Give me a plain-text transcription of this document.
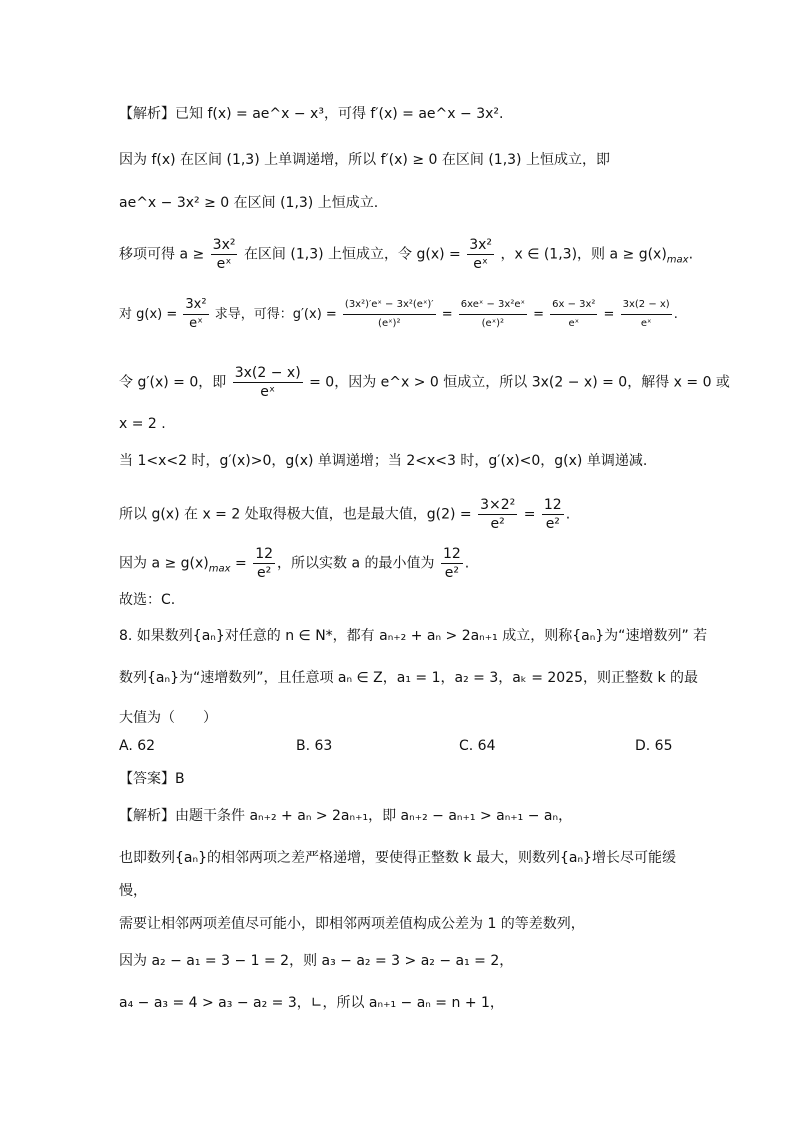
【解析】已知 f(x) = ae^x − x³，可得 f′(x) = ae^x − 3x².
因为 f(x) 在区间 (1,3) 上单调递增，所以 f′(x) ≥ 0 在区间 (1,3) 上恒成立，即
ae^x − 3x² ≥ 0 在区间 (1,3) 上恒成立.
移项可得 $a \ge \frac{\text{3x²}}{\text{eˣ}}$ 在区间 (1,3) 上恒成立，令 $g(x) = \frac{\text{3x²}}{\text{eˣ}}$ ，x ∈ (1,3)，则 $a \ge g(x)_{max}$.
对 $g(x) = \frac{\text{3x²}}{\text{eˣ}}$ 求导，可得：$g'(x) = \frac{\text{(3x²)′eˣ − 3x²(eˣ)′}}{\text{(eˣ)²}} = \frac{\text{6xeˣ − 3x²eˣ}}{\text{(eˣ)²}} = \frac{\text{6x − 3x²}}{\text{eˣ}} = \frac{3x(2 - x)}{\text{eˣ}}$ .
令 g′(x) = 0，即 $\frac{3x(2 - x)}{\text{eˣ}} = 0$，因为 e^x > 0 恒成立，所以 3x(2 − x) = 0，解得 x = 0 或
x = 2 .
当 1<x<2 时，g′(x)>0，g(x) 单调递增；当 2<x<3 时，g′(x)<0，g(x) 单调递减.
所以 g(x) 在 x = 2 处取得极大值，也是最大值，$g(2) = \frac{\text{3×2²}}{\text{e²}} = \frac{12}{\text{e²}}$ .
因为 $a \ge g(x)_{max} = \frac{12}{\text{e²}}$ ，所以实数 a 的最小值为 $\frac{12}{\text{e²}}$ .
故选：C.
8. 如果数列{aₙ}对任意的 n ∈ N*，都有 aₙ₊₂ + aₙ > 2aₙ₊₁ 成立，则称{aₙ}为“速增数列” 若
数列{aₙ}为“速增数列”，且任意项 aₙ ∈ Z，a₁ = 1，a₂ = 3，aₖ = 2025，则正整数 k 的最
大值为（　　）
A. 62	B. 63	C. 64	D. 65
【答案】B
【解析】由题干条件 aₙ₊₂ + aₙ > 2aₙ₊₁，即 aₙ₊₂ − aₙ₊₁ > aₙ₊₁ − aₙ，
也即数列{aₙ}的相邻两项之差严格递增，要使得正整数 k 最大，则数列{aₙ}增长尽可能缓
慢，
需要让相邻两项差值尽可能小，即相邻两项差值构成公差为 1 的等差数列，
因为 a₂ − a₁ = 3 − 1 = 2，则 a₃ − a₂ = 3 > a₂ − a₁ = 2，
a₄ − a₃ = 4 > a₃ − a₂ = 3，∟，所以 aₙ₊₁ − aₙ = n + 1，
